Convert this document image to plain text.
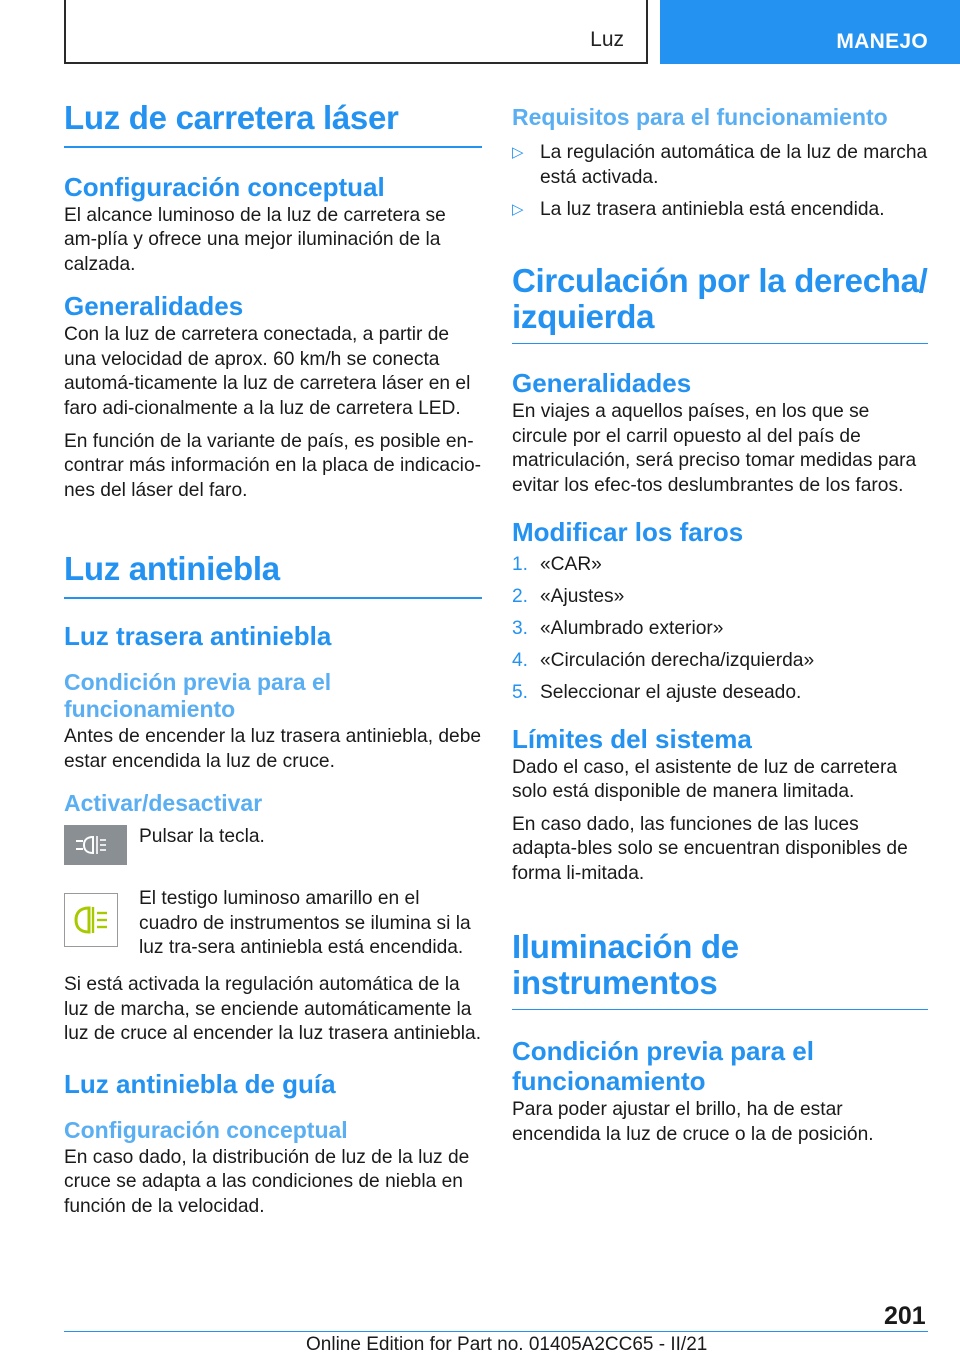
Luz	MANEJO
Luz de carretera láser
Configuración conceptual
El alcance luminoso de la luz de carretera se am-plía y ofrece una mejor iluminación de la calzada.
Generalidades
Con la luz de carretera conectada, a partir de una velocidad de aprox. 60 km/h se conecta automá-ticamente la luz de carretera láser en el faro adi-cionalmente a la luz de carretera LED.
En función de la variante de país, es posible en-contrar más información en la placa de indicacio-nes del láser del faro.
Luz antiniebla
Luz trasera antiniebla
Condición previa para el funcionamiento
Antes de encender la luz trasera antiniebla, debe estar encendida la luz de cruce.
Activar/desactivar
Pulsar la tecla.
El testigo luminoso amarillo en el cuadro de instrumentos se ilumina si la luz tra-sera antiniebla está encendida.
Si está activada la regulación automática de la luz de marcha, se enciende automáticamente la luz de cruce al encender la luz trasera antiniebla.
Luz antiniebla de guía
Configuración conceptual
En caso dado, la distribución de luz de la luz de cruce se adapta a las condiciones de niebla en función de la velocidad.
Requisitos para el funcionamiento
▷ La regulación automática de la luz de marcha está activada.
▷ La luz trasera antiniebla está encendida.
Circulación por la derecha/ izquierda
Generalidades
En viajes a aquellos países, en los que se circule por el carril opuesto al del país de matriculación, será preciso tomar medidas para evitar los efec-tos deslumbrantes de los faros.
Modificar los faros
1. «CAR»
2. «Ajustes»
3. «Alumbrado exterior»
4. «Circulación derecha/izquierda»
5. Seleccionar el ajuste deseado.
Límites del sistema
Dado el caso, el asistente de luz de carretera solo está disponible de manera limitada.
En caso dado, las funciones de las luces adapta-bles solo se encuentran disponibles de forma li-mitada.
Iluminación de instrumentos
Condición previa para el funcionamiento
Para poder ajustar el brillo, ha de estar encendida la luz de cruce o la de posición.
201
Online Edition for Part no. 01405A2CC65 - II/21
